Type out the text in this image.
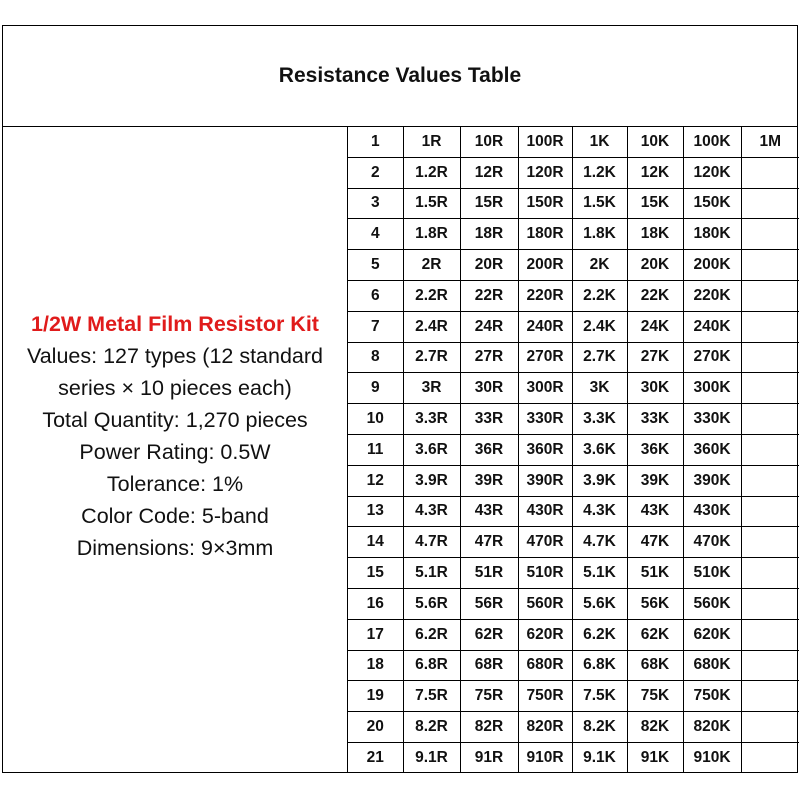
Resistance Values Table
1/2W Metal Film Resistor Kit
Values: 127 types (12 standard series × 10 pieces each)
Total Quantity: 1,270 pieces
Power Rating: 0.5W
Tolerance: 1%
Color Code: 5-band
Dimensions: 9×3mm
1	1R	10R	100R	1K	10K	100K	1M
2	1.2R	12R	120R	1.2K	12K	120K	
3	1.5R	15R	150R	1.5K	15K	150K	
4	1.8R	18R	180R	1.8K	18K	180K	
5	2R	20R	200R	2K	20K	200K	
6	2.2R	22R	220R	2.2K	22K	220K	
7	2.4R	24R	240R	2.4K	24K	240K	
8	2.7R	27R	270R	2.7K	27K	270K	
9	3R	30R	300R	3K	30K	300K	
10	3.3R	33R	330R	3.3K	33K	330K	
11	3.6R	36R	360R	3.6K	36K	360K	
12	3.9R	39R	390R	3.9K	39K	390K	
13	4.3R	43R	430R	4.3K	43K	430K	
14	4.7R	47R	470R	4.7K	47K	470K	
15	5.1R	51R	510R	5.1K	51K	510K	
16	5.6R	56R	560R	5.6K	56K	560K	
17	6.2R	62R	620R	6.2K	62K	620K	
18	6.8R	68R	680R	6.8K	68K	680K	
19	7.5R	75R	750R	7.5K	75K	750K	
20	8.2R	82R	820R	8.2K	82K	820K	
21	9.1R	91R	910R	9.1K	91K	910K	
